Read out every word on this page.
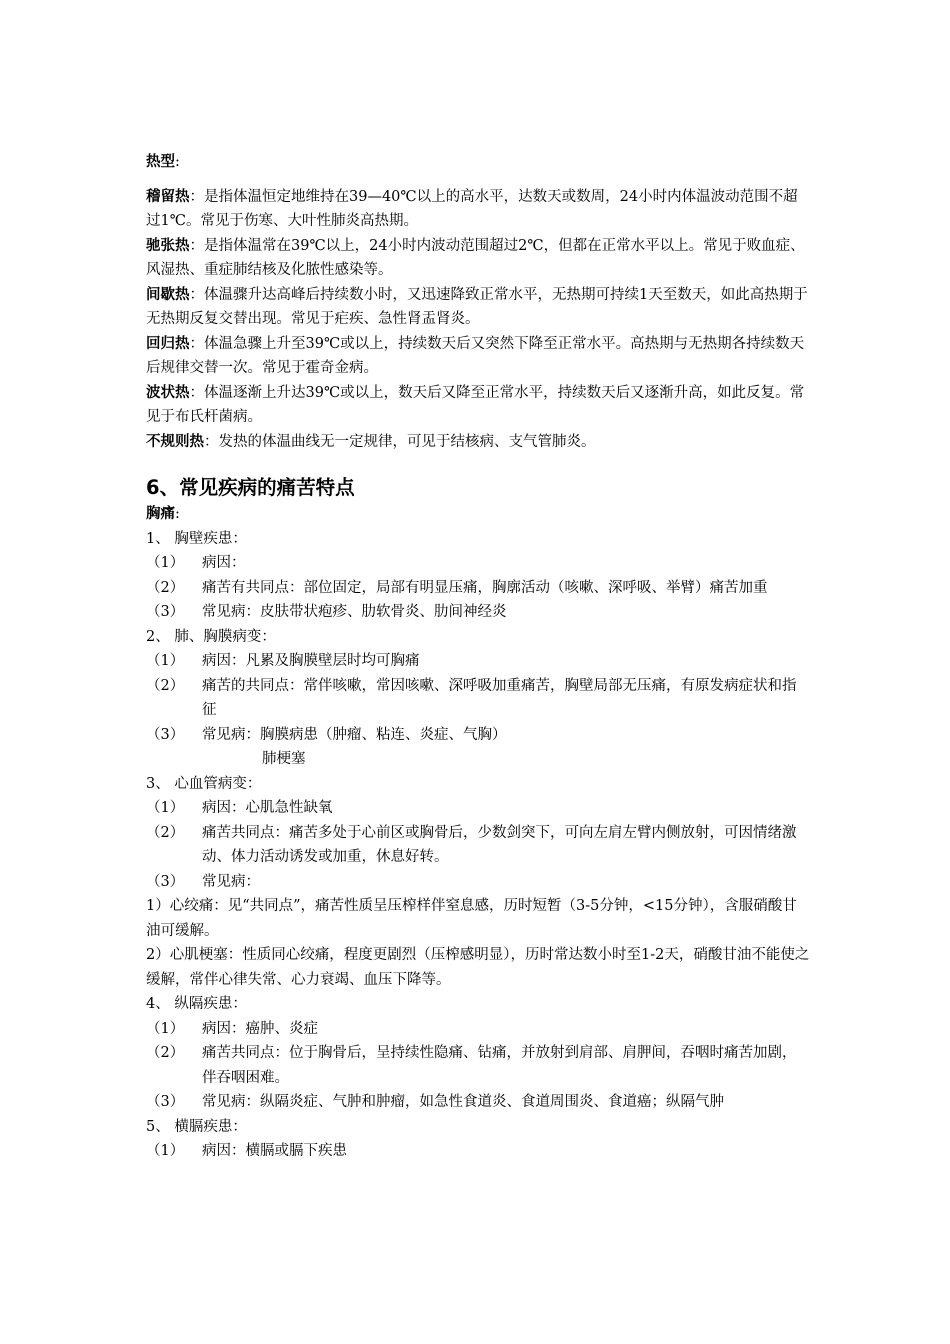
热型:

稽留热：是指体温恒定地维持在39—40℃以上的高水平，达数天或数周，24小时内体温波动范围不超过1℃。常见于伤寒、大叶性肺炎高热期。

驰张热：是指体温常在39℃以上，24小时内波动范围超过2℃，但都在正常水平以上。常见于败血症、风湿热、重症肺结核及化脓性感染等。

间歇热：体温骤升达高峰后持续数小时，又迅速降致正常水平，无热期可持续1天至数天，如此高热期于无热期反复交替出现。常见于疟疾、急性肾盂肾炎。

回归热：体温急骤上升至39℃或以上，持续数天后又突然下降至正常水平。高热期与无热期各持续数天后规律交替一次。常见于霍奇金病。

波状热：体温逐渐上升达39℃或以上，数天后又降至正常水平，持续数天后又逐渐升高，如此反复。常见于布氏杆菌病。

不规则热：发热的体温曲线无一定规律，可见于结核病、支气管肺炎。

6、常见疾病的痛苦特点

胸痛:

1、 胸壁疾患：

（1）	病因：
（2）	痛苦有共同点：部位固定，局部有明显压痛，胸廓活动（咳嗽、深呼吸、举臂）痛苦加重
（3）	常见病：皮肤带状疱疹、肋软骨炎、肋间神经炎

2、 肺、胸膜病变：

（1）	病因：凡累及胸膜壁层时均可胸痛
（2）	痛苦的共同点：常伴咳嗽，常因咳嗽、深呼吸加重痛苦，胸壁局部无压痛，有原发病症状和指征
（3）	常见病：胸膜病患（肿瘤、粘连、炎症、气胸）

肺梗塞

3、 心血管病变：

（1）	病因：心肌急性缺氧
（2）	痛苦共同点：痛苦多处于心前区或胸骨后，少数剑突下，可向左肩左臂内侧放射，可因情绪激动、体力活动诱发或加重，休息好转。
（3）	常见病：

1）心绞痛：见“共同点”，痛苦性质呈压榨样伴窒息感，历时短暂（3-5分钟，<15分钟），含服硝酸甘油可缓解。

2）心肌梗塞：性质同心绞痛，程度更剧烈（压榨感明显），历时常达数小时至1-2天，硝酸甘油不能使之缓解，常伴心律失常、心力衰竭、血压下降等。

4、 纵隔疾患：

（1）	病因：癌肿、炎症
（2）	痛苦共同点：位于胸骨后，呈持续性隐痛、钻痛，并放射到肩部、肩胛间，吞咽时痛苦加剧，伴吞咽困难。
（3）	常见病：纵隔炎症、气肿和肿瘤，如急性食道炎、食道周围炎、食道癌；纵隔气肿

5、 横膈疾患：

（1）	病因：横膈或膈下疾患
